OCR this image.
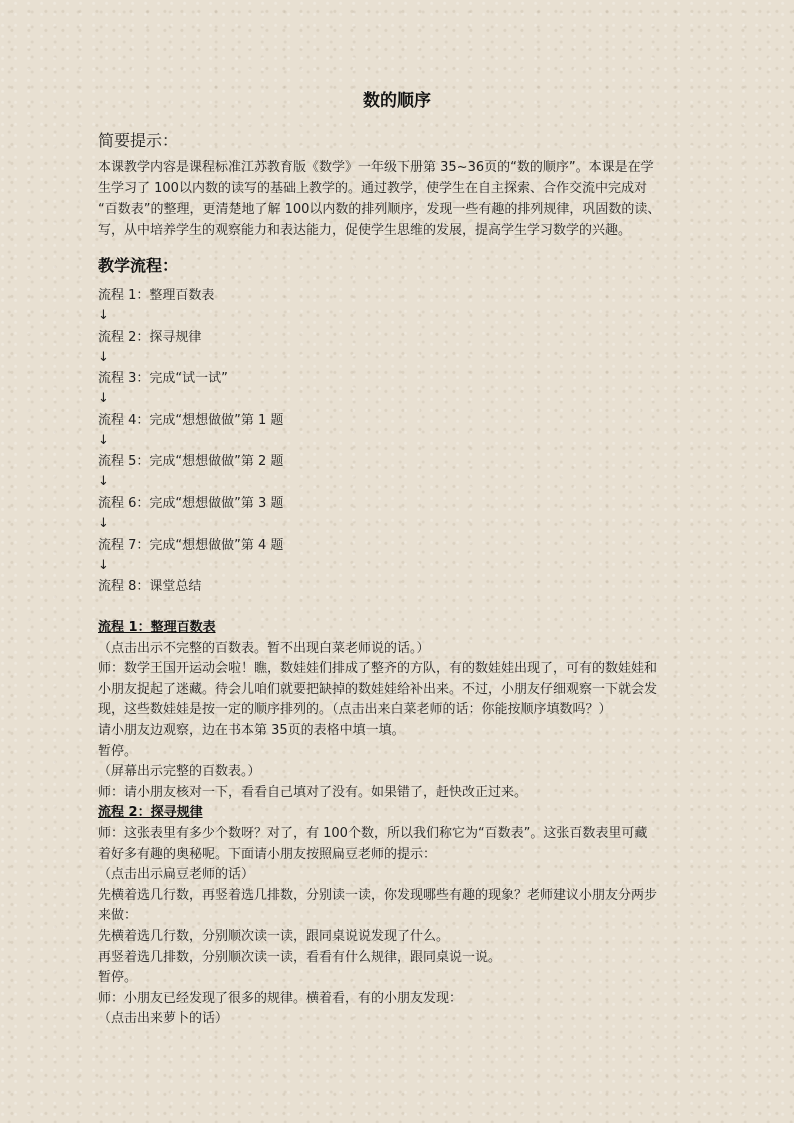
数的顺序
简要提示：
本课教学内容是课程标准江苏教育版《数学》一年级下册第 35~36页的“数的顺序”。本课是在学
生学习了 100以内数的读写的基础上教学的。通过教学，使学生在自主探索、合作交流中完成对
“百数表”的整理，更清楚地了解 100以内数的排列顺序，发现一些有趣的排列规律，巩固数的读、
写，从中培养学生的观察能力和表达能力，促使学生思维的发展，提高学生学习数学的兴趣。
教学流程：
流程 1：整理百数表
↓
流程 2：探寻规律
↓
流程 3：完成“试一试”
↓
流程 4：完成“想想做做”第 1 题
↓
流程 5：完成“想想做做”第 2 题
↓
流程 6：完成“想想做做”第 3 题
↓
流程 7：完成“想想做做”第 4 题
↓
流程 8：课堂总结
流程 1：整理百数表
（点击出示不完整的百数表。暂不出现白菜老师说的话。）
师：数学王国开运动会啦！瞧，数娃娃们排成了整齐的方队，有的数娃娃出现了，可有的数娃娃和
小朋友捉起了迷藏。待会儿咱们就要把缺掉的数娃娃给补出来。不过，小朋友仔细观察一下就会发
现，这些数娃娃是按一定的顺序排列的。（点击出来白菜老师的话：你能按顺序填数吗？）
请小朋友边观察，边在书本第 35页的表格中填一填。
暂停。
（屏幕出示完整的百数表。）
师：请小朋友核对一下，看看自己填对了没有。如果错了，赶快改正过来。
流程 2：探寻规律
师：这张表里有多少个数呀？对了，有 100个数，所以我们称它为“百数表”。这张百数表里可藏
着好多有趣的奥秘呢。下面请小朋友按照扁豆老师的提示：
（点击出示扁豆老师的话）
先横着选几行数，再竖着选几排数，分别读一读，你发现哪些有趣的现象？老师建议小朋友分两步
来做：
先横着选几行数，分别顺次读一读，跟同桌说说发现了什么。
再竖着选几排数，分别顺次读一读，看看有什么规律，跟同桌说一说。
暂停。
师：小朋友已经发现了很多的规律。横着看，有的小朋友发现：
（点击出来萝卜的话）
